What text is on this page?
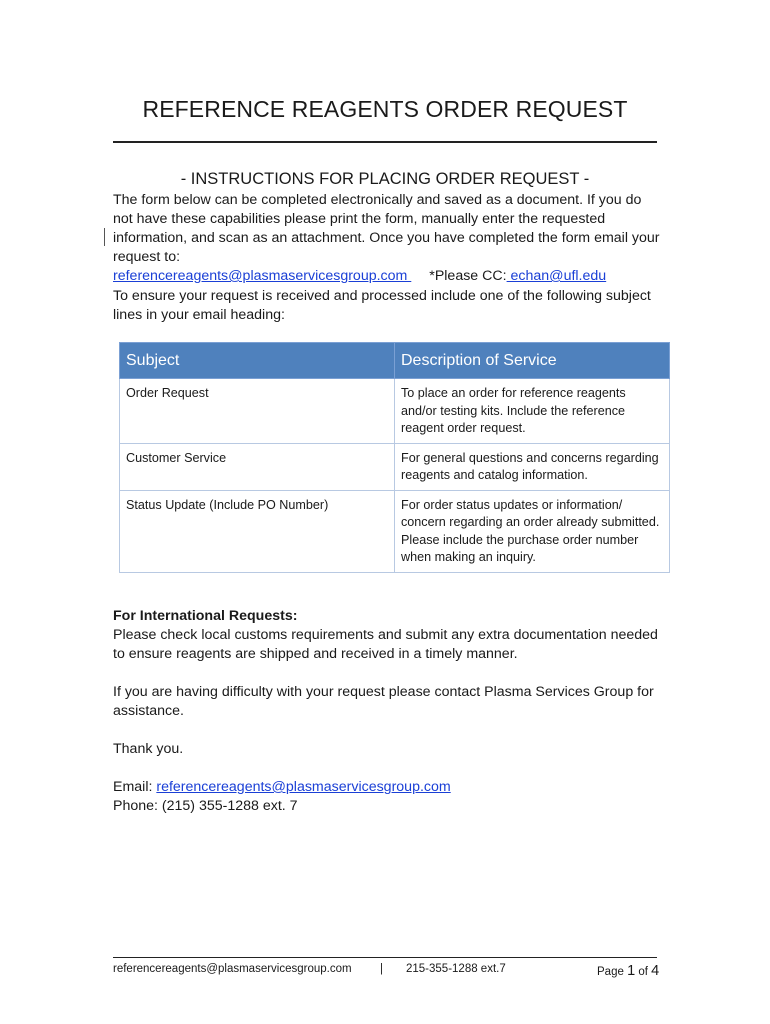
REFERENCE REAGENTS ORDER REQUEST
- INSTRUCTIONS FOR PLACING ORDER REQUEST -
The form below can be completed electronically and saved as a document. If you do not have these capabilities please print the form, manually enter the requested information, and scan as an attachment. Once you have completed the form email your request to:
referencereagents@plasmaservicesgroup.com *Please CC: echan@ufl.edu
To ensure your request is received and processed include one of the following subject lines in your email heading:
Subject	Description of Service
Order Request	To place an order for reference reagents and/or testing kits. Include the reference reagent order request.
Customer Service	For general questions and concerns regarding reagents and catalog information.
Status Update (Include PO Number)	For order status updates or information/ concern regarding an order already submitted. Please include the purchase order number when making an inquiry.
For International Requests:
Please check local customs requirements and submit any extra documentation needed to ensure reagents are shipped and received in a timely manner.
If you are having difficulty with your request please contact Plasma Services Group for assistance.
Thank you.
Email: referencereagents@plasmaservicesgroup.com
Phone: (215) 355-1288 ext. 7
referencereagents@plasmaservicesgroup.com | 215-355-1288 ext.7	Page 1 of 4
